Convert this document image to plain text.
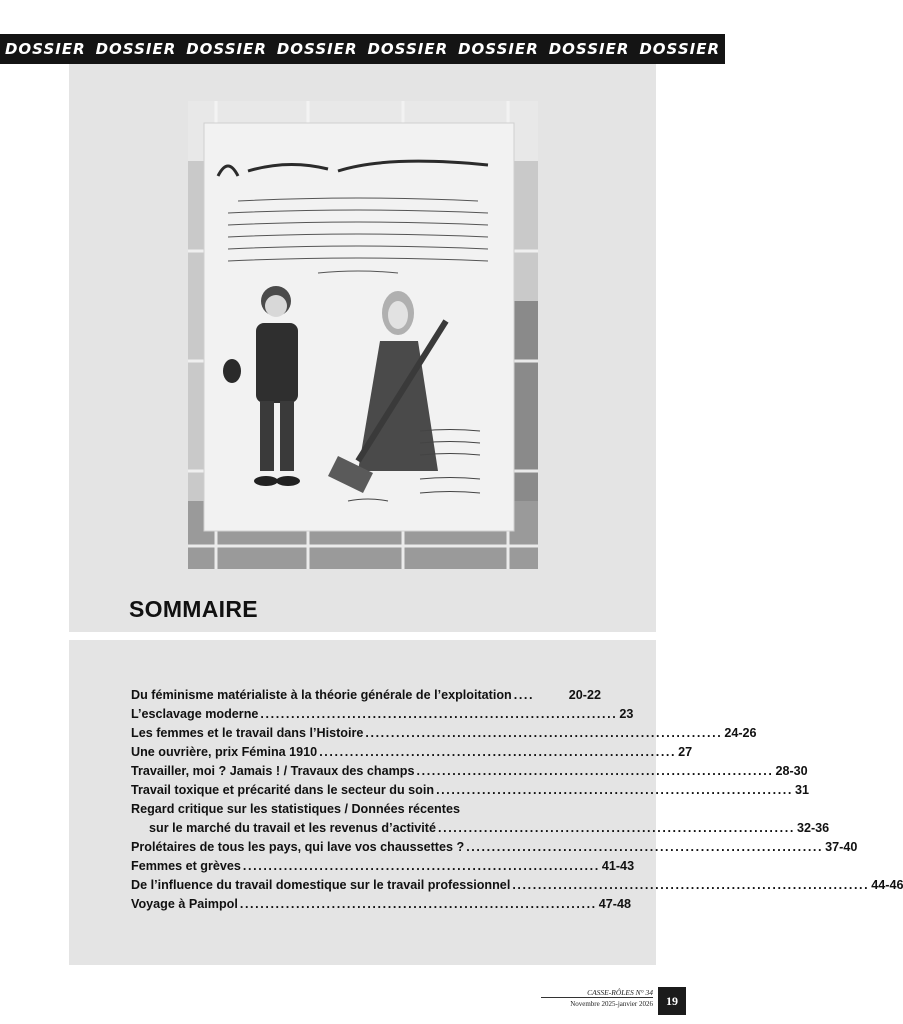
DOSSIER DOSSIER DOSSIER DOSSIER DOSSIER DOSSIER DOSSIER DOSSIER
SOMMAIRE
Du féminisme matérialiste à la théorie générale de l’exploitation ....	20-22
L’esclavage moderne ...................................................................... 23
Les femmes et le travail dans l’Histoire ...................................................................... 24-26
Une ouvrière, prix Fémina 1910 ...................................................................... 27
Travailler, moi ? Jamais ! / Travaux des champs ...................................................................... 28-30
Travail toxique et précarité dans le secteur du soin ...................................................................... 31
Regard critique sur les statistiques / Données récentes
sur le marché du travail et les revenus d’activité ...................................................................... 32-36
Prolétaires de tous les pays, qui lave vos chaussettes ? ...................................................................... 37-40
Femmes et grèves ...................................................................... 41-43
De l’influence du travail domestique sur le travail professionnel ...................................................................... 44-46
Voyage à Paimpol ...................................................................... 47-48
CASSE-RÔLES N° 34
Novembre 2025-janvier 2026	19
